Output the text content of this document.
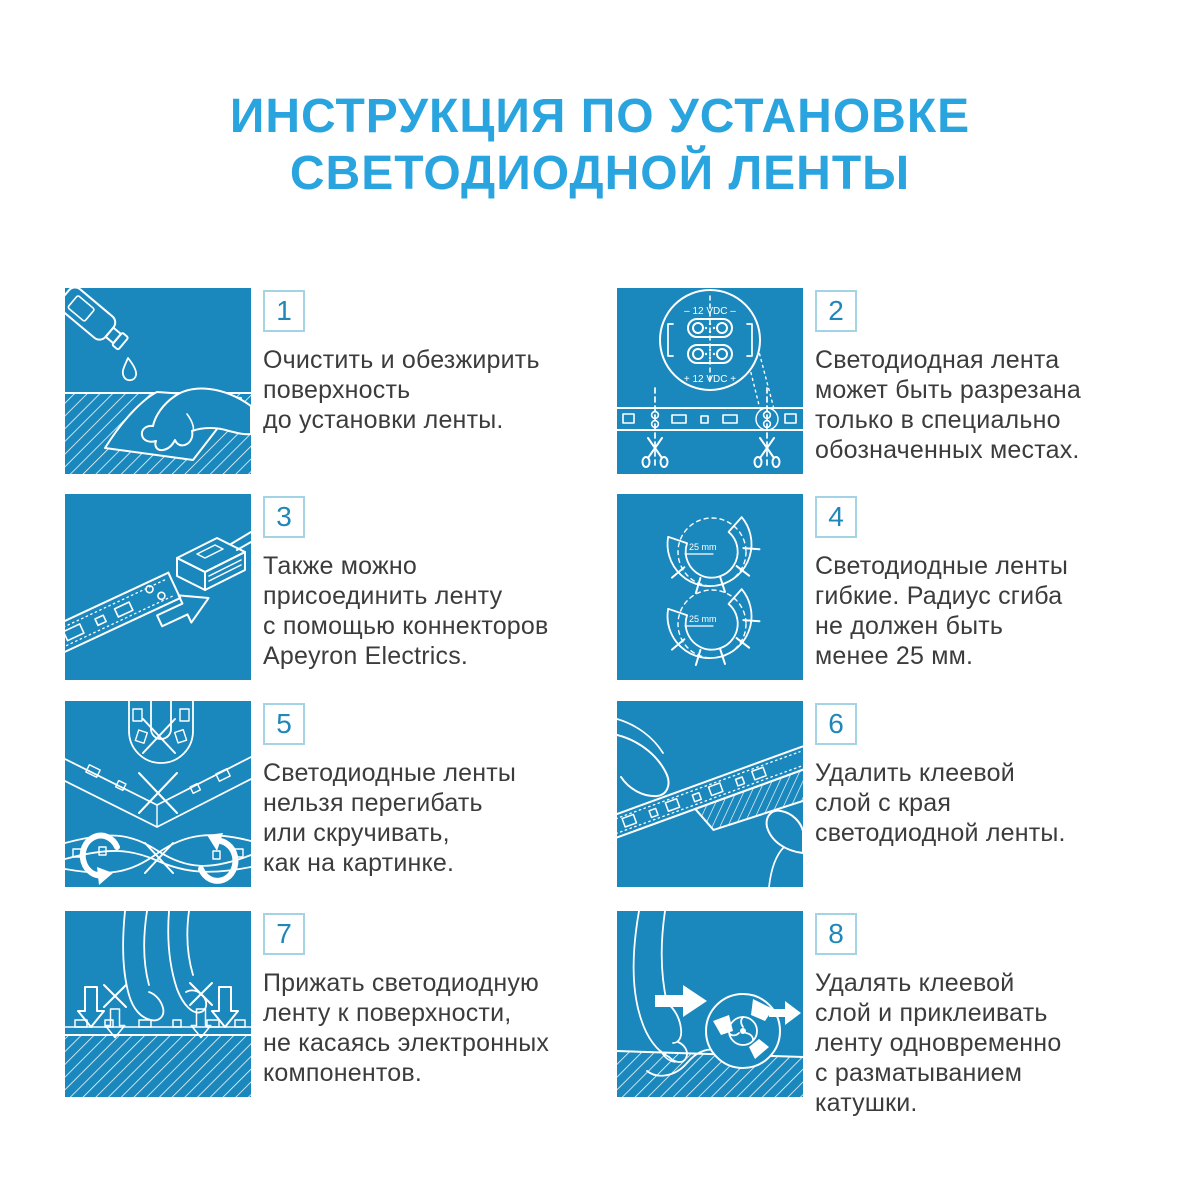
ИНСТРУКЦИЯ ПО УСТАНОВКЕ
СВЕТОДИОДНОЙ ЛЕНТЫ
1
Очистить и обезжирить
поверхность
до установки ленты.
– 12 VDC –
+ 12 VDC +
2
Светодиодная лента
может быть разрезана
только в специально
обозначенных местах.
3
Также можно
присоединить ленту
с помощью коннекторов
Apeyron Electrics.
25 mm
25 mm
4
Светодиодные ленты
гибкие. Радиус сгиба
не должен быть
менее 25 мм.
5
Светодиодные ленты
нельзя перегибать
или скручивать,
как на картинке.
6
Удалить клеевой
слой с края
светодиодной ленты.
7
Прижать светодиодную
ленту к поверхности,
не касаясь электронных
компонентов.
8
Удалять клеевой
слой и приклеивать
ленту одновременно
с разматыванием
катушки.
